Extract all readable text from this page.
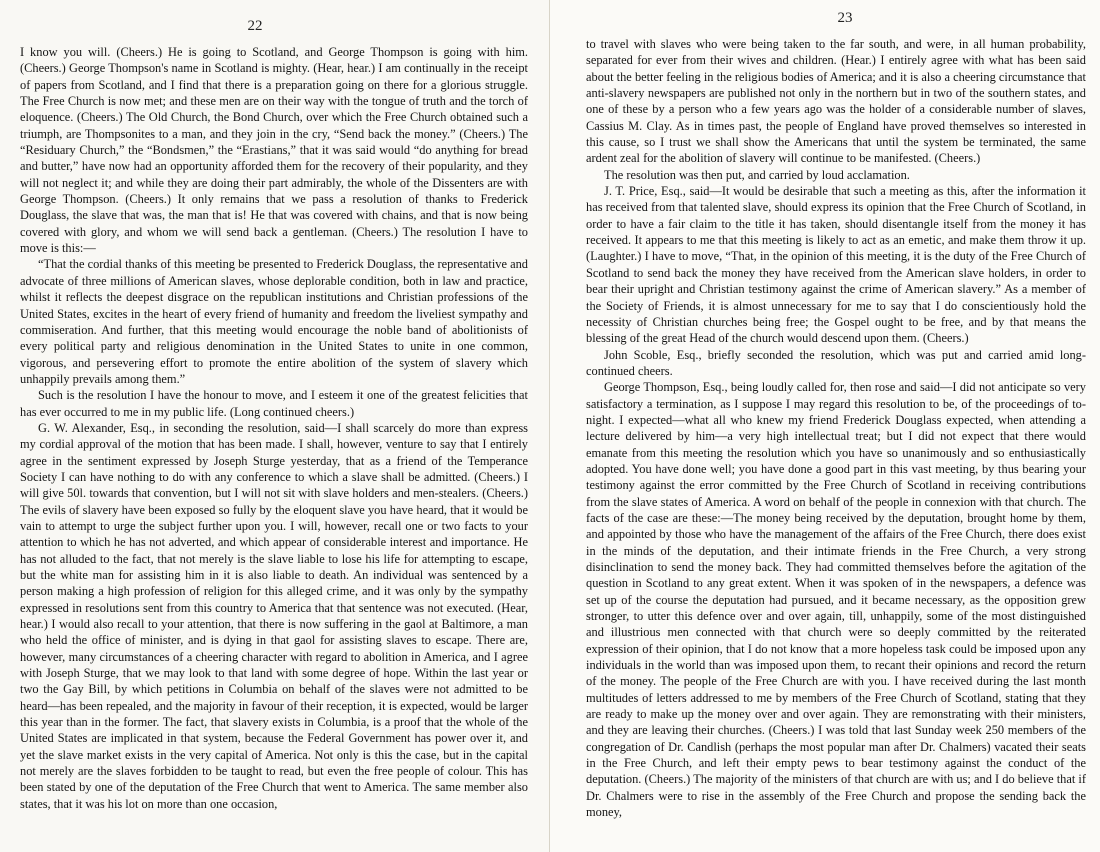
22

I know you will. (Cheers.) He is going to Scotland, and George Thompson is going with him. (Cheers.) George Thompson's name in Scotland is mighty. (Hear, hear.) I am continually in the receipt of papers from Scotland, and I find that there is a preparation going on there for a glorious struggle. The Free Church is now met; and these men are on their way with the tongue of truth and the torch of eloquence. (Cheers.) The Old Church, the Bond Church, over which the Free Church obtained such a triumph, are Thompsonites to a man, and they join in the cry, “Send back the money.” (Cheers.) The “Residuary Church,” the “Bondsmen,” the “Erastians,” that it was said would “do anything for bread and butter,” have now had an opportunity afforded them for the recovery of their popularity, and they will not neglect it; and while they are doing their part admirably, the whole of the Dissenters are with George Thompson. (Cheers.) It only remains that we pass a resolution of thanks to Frederick Douglass, the slave that was, the man that is! He that was covered with chains, and that is now being covered with glory, and whom we will send back a gentleman. (Cheers.) The resolution I have to move is this:—

“That the cordial thanks of this meeting be presented to Frederick Douglass, the representative and advocate of three millions of American slaves, whose deplorable condition, both in law and practice, whilst it reflects the deepest disgrace on the republican institutions and Christian professions of the United States, excites in the heart of every friend of humanity and freedom the liveliest sympathy and commiseration. And further, that this meeting would encourage the noble band of abolitionists of every political party and religious denomination in the United States to unite in one common, vigorous, and persevering effort to promote the entire abolition of the system of slavery which unhappily prevails among them.”

Such is the resolution I have the honour to move, and I esteem it one of the greatest felicities that has ever occurred to me in my public life. (Long continued cheers.)

G. W. Alexander, Esq., in seconding the resolution, said—I shall scarcely do more than express my cordial approval of the motion that has been made. I shall, however, venture to say that I entirely agree in the sentiment expressed by Joseph Sturge yesterday, that as a friend of the Temperance Society I can have nothing to do with any conference to which a slave shall be admitted. (Cheers.) I will give 50l. towards that convention, but I will not sit with slave holders and men-stealers. (Cheers.) The evils of slavery have been exposed so fully by the eloquent slave you have heard, that it would be vain to attempt to urge the subject further upon you. I will, however, recall one or two facts to your attention to which he has not adverted, and which appear of considerable interest and importance. He has not alluded to the fact, that not merely is the slave liable to lose his life for attempting to escape, but the white man for assisting him in it is also liable to death. An individual was sentenced by a person making a high profession of religion for this alleged crime, and it was only by the sympathy expressed in resolutions sent from this country to America that that sentence was not executed. (Hear, hear.) I would also recall to your attention, that there is now suffering in the gaol at Baltimore, a man who held the office of minister, and is dying in that gaol for assisting slaves to escape. There are, however, many circumstances of a cheering character with regard to abolition in America, and I agree with Joseph Sturge, that we may look to that land with some degree of hope. Within the last year or two the Gay Bill, by which petitions in Columbia on behalf of the slaves were not admitted to be heard—has been repealed, and the majority in favour of their reception, it is expected, would be larger this year than in the former. The fact, that slavery exists in Columbia, is a proof that the whole of the United States are implicated in that system, because the Federal Government has power over it, and yet the slave market exists in the very capital of America. Not only is this the case, but in the capital not merely are the slaves forbidden to be taught to read, but even the free people of colour. This has been stated by one of the deputation of the Free Church that went to America. The same member also states, that it was his lot on more than one occasion,

23

to travel with slaves who were being taken to the far south, and were, in all human probability, separated for ever from their wives and children. (Hear.) I entirely agree with what has been said about the better feeling in the religious bodies of America; and it is also a cheering circumstance that anti-slavery newspapers are published not only in the northern but in two of the southern states, and one of these by a person who a few years ago was the holder of a considerable number of slaves, Cassius M. Clay. As in times past, the people of England have proved themselves so interested in this cause, so I trust we shall show the Americans that until the system be terminated, the same ardent zeal for the abolition of slavery will continue to be manifested. (Cheers.)

The resolution was then put, and carried by loud acclamation.

J. T. Price, Esq., said—It would be desirable that such a meeting as this, after the information it has received from that talented slave, should express its opinion that the Free Church of Scotland, in order to have a fair claim to the title it has taken, should disentangle itself from the money it has received. It appears to me that this meeting is likely to act as an emetic, and make them throw it up. (Laughter.) I have to move, “That, in the opinion of this meeting, it is the duty of the Free Church of Scotland to send back the money they have received from the American slave holders, in order to bear their upright and Christian testimony against the crime of American slavery.” As a member of the Society of Friends, it is almost unnecessary for me to say that I do conscientiously hold the necessity of Christian churches being free; the Gospel ought to be free, and by that means the blessing of the great Head of the church would descend upon them. (Cheers.)

John Scoble, Esq., briefly seconded the resolution, which was put and carried amid long-continued cheers.

George Thompson, Esq., being loudly called for, then rose and said—I did not anticipate so very satisfactory a termination, as I suppose I may regard this resolution to be, of the proceedings of to-night. I expected—what all who knew my friend Frederick Douglass expected, when attending a lecture delivered by him—a very high intellectual treat; but I did not expect that there would emanate from this meeting the resolution which you have so unanimously and so enthusiastically adopted. You have done well; you have done a good part in this vast meeting, by thus bearing your testimony against the error committed by the Free Church of Scotland in receiving contributions from the slave states of America. A word on behalf of the people in connexion with that church. The facts of the case are these:—The money being received by the deputation, brought home by them, and appointed by those who have the management of the affairs of the Free Church, there does exist in the minds of the deputation, and their intimate friends in the Free Church, a very strong disinclination to send the money back. They had committed themselves before the agitation of the question in Scotland to any great extent. When it was spoken of in the newspapers, a defence was set up of the course the deputation had pursued, and it became necessary, as the opposition grew stronger, to utter this defence over and over again, till, unhappily, some of the most distinguished and illustrious men connected with that church were so deeply committed by the reiterated expression of their opinion, that I do not know that a more hopeless task could be imposed upon any individuals in the world than was imposed upon them, to recant their opinions and record the return of the money. The people of the Free Church are with you. I have received during the last month multitudes of letters addressed to me by members of the Free Church of Scotland, stating that they are ready to make up the money over and over again. They are remonstrating with their ministers, and they are leaving their churches. (Cheers.) I was told that last Sunday week 250 members of the congregation of Dr. Candlish (perhaps the most popular man after Dr. Chalmers) vacated their seats in the Free Church, and left their empty pews to bear testimony against the conduct of the deputation. (Cheers.) The majority of the ministers of that church are with us; and I do believe that if Dr. Chalmers were to rise in the assembly of the Free Church and propose the sending back the money,
